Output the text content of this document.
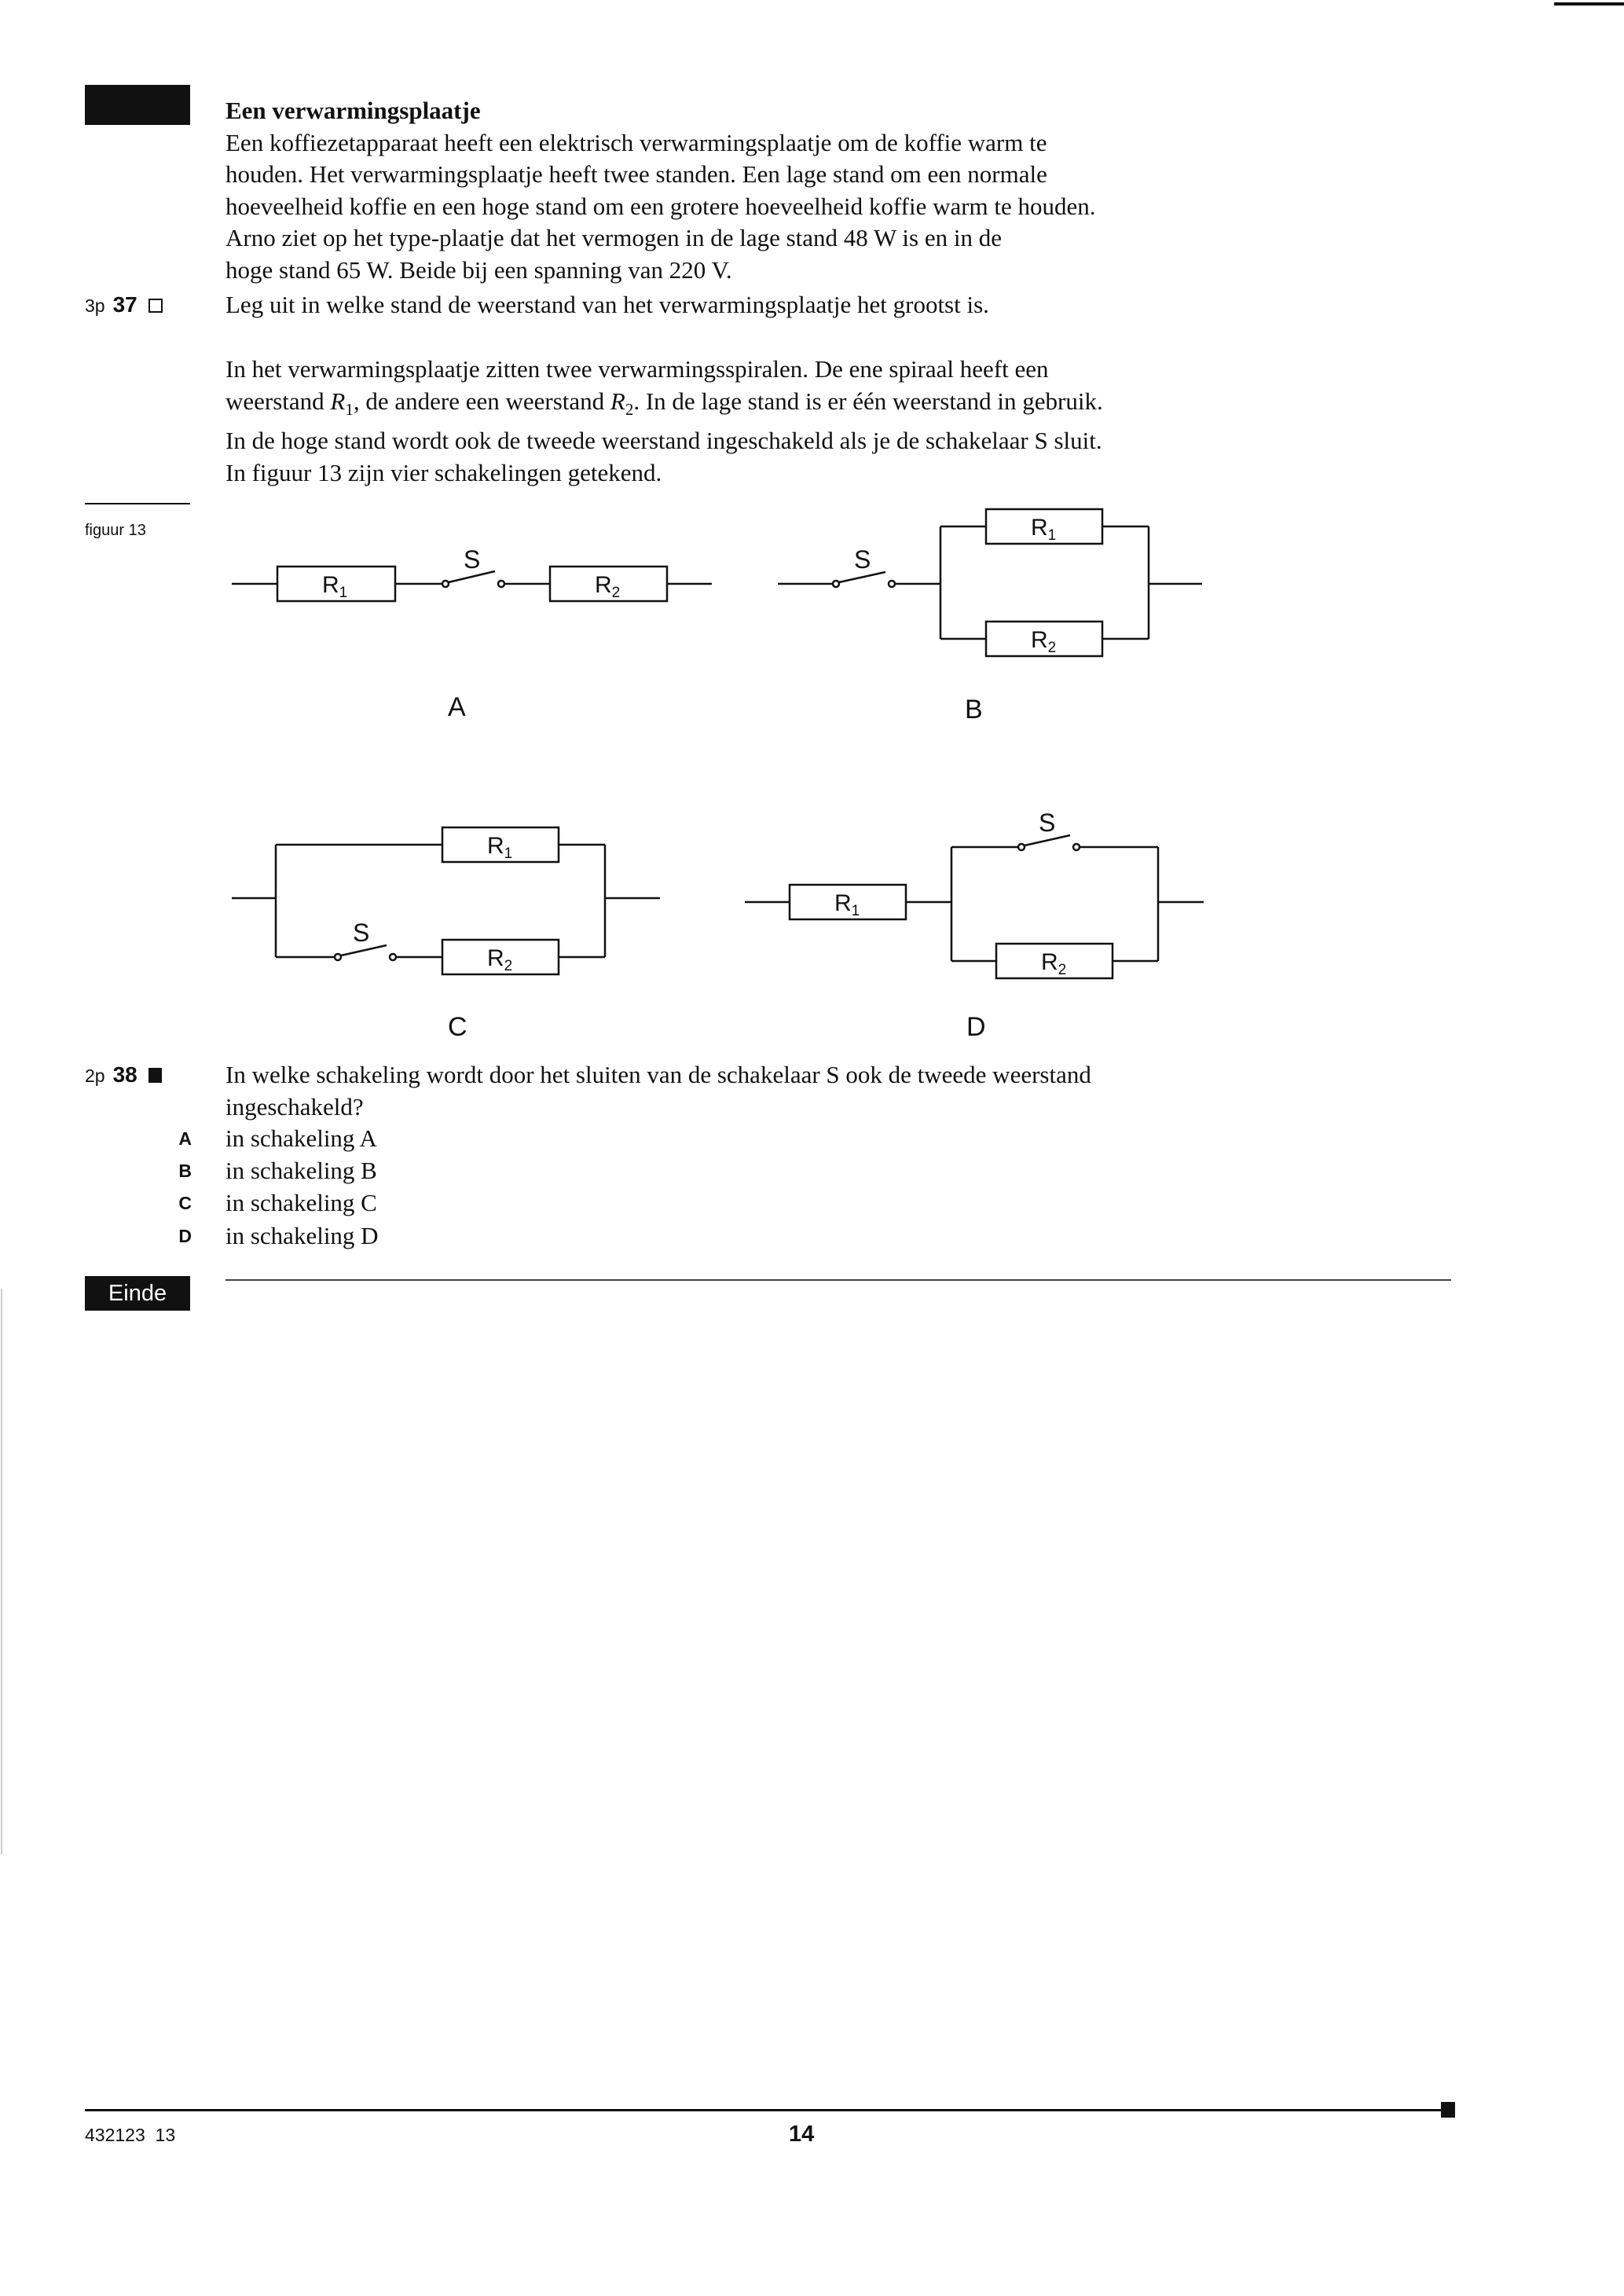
Een verwarmingsplaatje
Een koffiezetapparaat heeft een elektrisch verwarmingsplaatje om de koffie warm te
houden. Het verwarmingsplaatje heeft twee standen. Een lage stand om een normale
hoeveelheid koffie en een hoge stand om een grotere hoeveelheid koffie warm te houden.
Arno ziet op het type-plaatje dat het vermogen in de lage stand 48 W is en in de
hoge stand 65 W. Beide bij een spanning van 220 V.
3p 37	Leg uit in welke stand de weerstand van het verwarmingsplaatje het grootst is.
In het verwarmingsplaatje zitten twee verwarmingsspiralen. De ene spiraal heeft een
weerstand $R_1$, de andere een weerstand $R_2$. In de lage stand is er één weerstand in gebruik.
In de hoge stand wordt ook de tweede weerstand ingeschakeld als je de schakelaar S sluit.
In figuur 13 zijn vier schakelingen getekend.
figuur 13
$R_1$	$R_2$
$R_1$
$R_2$
$R_1$
$R_2$
$R_1$
$R_2$
S	S
S
S
A	B
C	D
2p 38	In welke schakeling wordt door het sluiten van de schakelaar S ook de tweede weerstand
ingeschakeld?
A in schakeling A
B in schakeling B
C in schakeling C
D in schakeling D
Einde
432123  13	14
